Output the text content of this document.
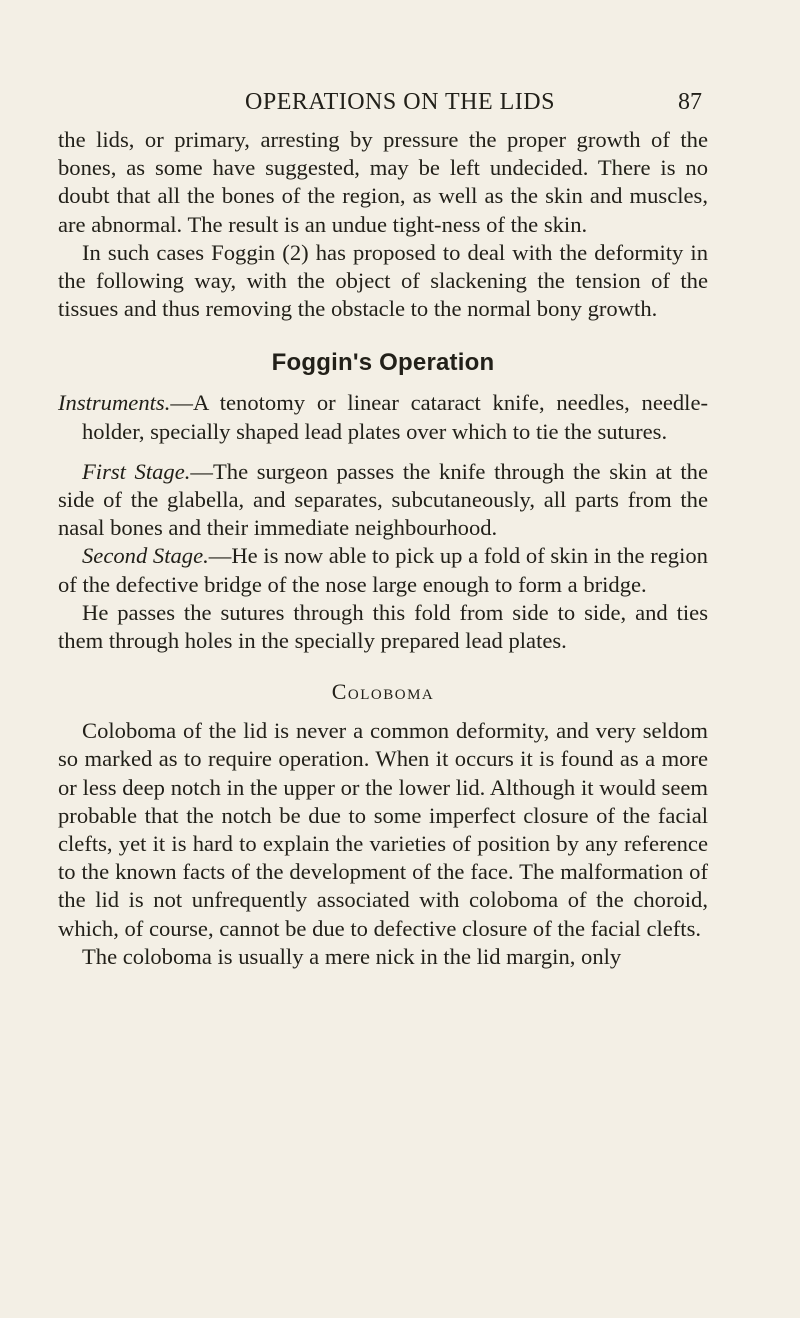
OPERATIONS ON THE LIDS	87

the lids, or primary, arresting by pressure the proper growth of the bones, as some have suggested, may be left undecided. There is no doubt that all the bones of the region, as well as the skin and muscles, are abnormal. The result is an undue tight-ness of the skin.

In such cases Foggin (2) has proposed to deal with the deformity in the following way, with the object of slackening the tension of the tissues and thus removing the obstacle to the normal bony growth.

Foggin's Operation

Instruments.—A tenotomy or linear cataract knife, needles, needle-holder, specially shaped lead plates over which to tie the sutures.

First Stage.—The surgeon passes the knife through the skin at the side of the glabella, and separates, subcutaneously, all parts from the nasal bones and their immediate neighbourhood.

Second Stage.—He is now able to pick up a fold of skin in the region of the defective bridge of the nose large enough to form a bridge.

He passes the sutures through this fold from side to side, and ties them through holes in the specially prepared lead plates.

Coloboma

Coloboma of the lid is never a common deformity, and very seldom so marked as to require operation. When it occurs it is found as a more or less deep notch in the upper or the lower lid. Although it would seem probable that the notch be due to some imperfect closure of the facial clefts, yet it is hard to explain the varieties of position by any reference to the known facts of the development of the face. The malformation of the lid is not unfrequently associated with coloboma of the choroid, which, of course, cannot be due to defective closure of the facial clefts.

The coloboma is usually a mere nick in the lid margin, only
